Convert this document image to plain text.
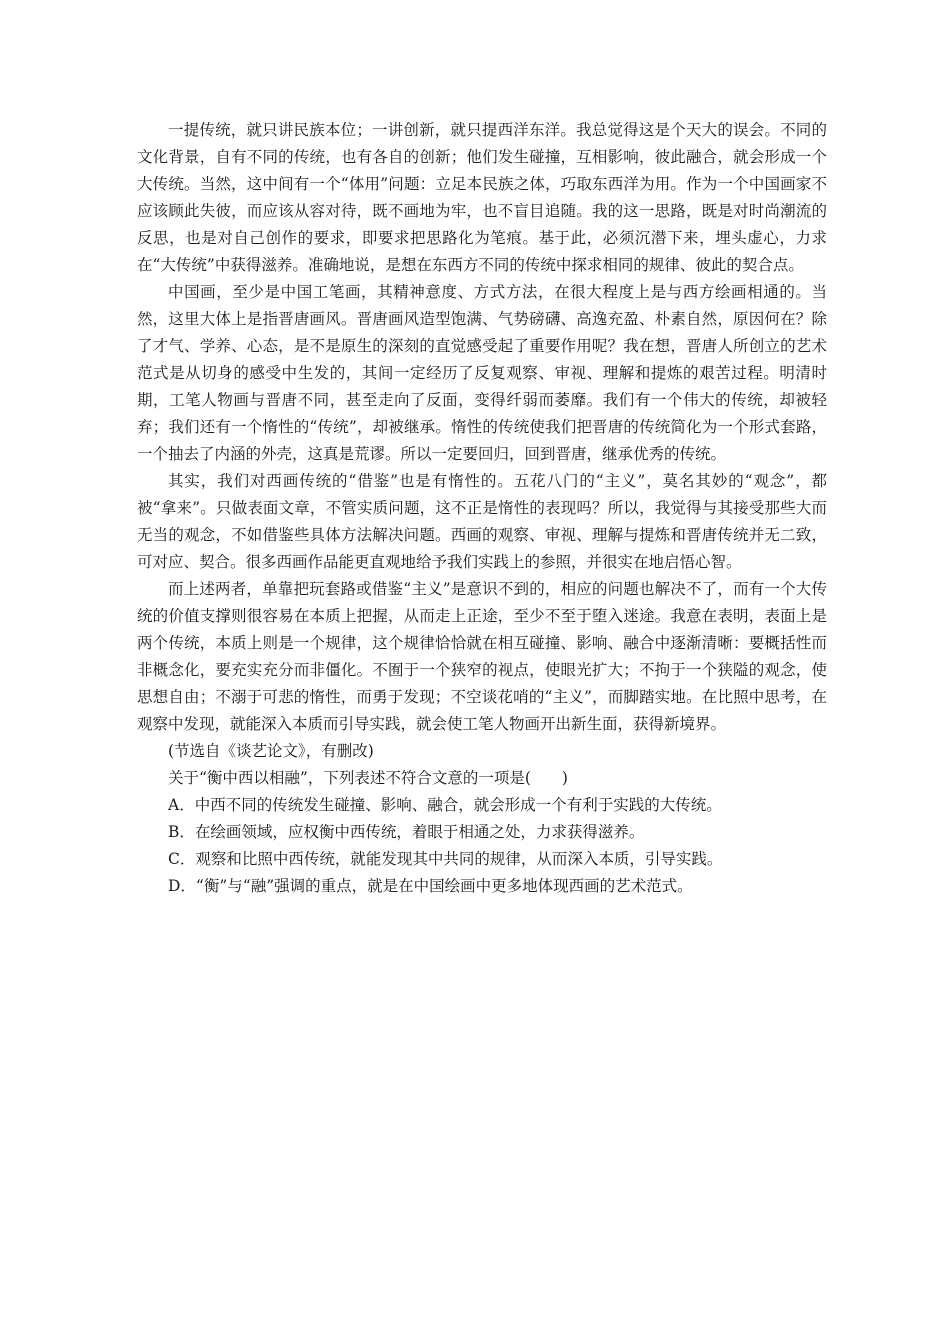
一提传统，就只讲民族本位；一讲创新，就只提西洋东洋。我总觉得这是个天大的误会。不同的文化背景，自有不同的传统，也有各自的创新；他们发生碰撞，互相影响，彼此融合，就会形成一个大传统。当然，这中间有一个“体用”问题：立足本民族之体，巧取东西洋为用。作为一个中国画家不应该顾此失彼，而应该从容对待，既不画地为牢，也不盲目追随。我的这一思路，既是对时尚潮流的反思，也是对自己创作的要求，即要求把思路化为笔痕。基于此，必须沉潜下来，埋头虚心，力求在“大传统”中获得滋养。准确地说，是想在东西方不同的传统中探求相同的规律、彼此的契合点。

中国画，至少是中国工笔画，其精神意度、方式方法，在很大程度上是与西方绘画相通的。当然，这里大体上是指晋唐画风。晋唐画风造型饱满、气势磅礴、高逸充盈、朴素自然，原因何在？除了才气、学养、心态，是不是原生的深刻的直觉感受起了重要作用呢？我在想，晋唐人所创立的艺术范式是从切身的感受中生发的，其间一定经历了反复观察、审视、理解和提炼的艰苦过程。明清时期，工笔人物画与晋唐不同，甚至走向了反面，变得纤弱而萎靡。我们有一个伟大的传统，却被轻弃；我们还有一个惰性的“传统”，却被继承。惰性的传统使我们把晋唐的传统简化为一个形式套路，一个抽去了内涵的外壳，这真是荒谬。所以一定要回归，回到晋唐，继承优秀的传统。

其实，我们对西画传统的“借鉴”也是有惰性的。五花八门的“主义”，莫名其妙的“观念”，都被“拿来”。只做表面文章，不管实质问题，这不正是惰性的表现吗？所以，我觉得与其接受那些大而无当的观念，不如借鉴些具体方法解决问题。西画的观察、审视、理解与提炼和晋唐传统并无二致，可对应、契合。很多西画作品能更直观地给予我们实践上的参照，并很实在地启悟心智。

而上述两者，单靠把玩套路或借鉴“主义”是意识不到的，相应的问题也解决不了，而有一个大传统的价值支撑则很容易在本质上把握，从而走上正途，至少不至于堕入迷途。我意在表明，表面上是两个传统，本质上则是一个规律，这个规律恰恰就在相互碰撞、影响、融合中逐渐清晰：要概括性而非概念化，要充实充分而非僵化。不囿于一个狭窄的视点，使眼光扩大；不拘于一个狭隘的观念，使思想自由；不溺于可悲的惰性，而勇于发现；不空谈花哨的“主义”，而脚踏实地。在比照中思考，在观察中发现，就能深入本质而引导实践，就会使工笔人物画开出新生面，获得新境界。

(节选自《谈艺论文》，有删改)

关于“衡中西以相融”，下列表述不符合文意的一项是(　　)

A．中西不同的传统发生碰撞、影响、融合，就会形成一个有利于实践的大传统。
B．在绘画领域，应权衡中西传统，着眼于相通之处，力求获得滋养。
C．观察和比照中西传统，就能发现其中共同的规律，从而深入本质，引导实践。
D．“衡”与“融”强调的重点，就是在中国绘画中更多地体现西画的艺术范式。
